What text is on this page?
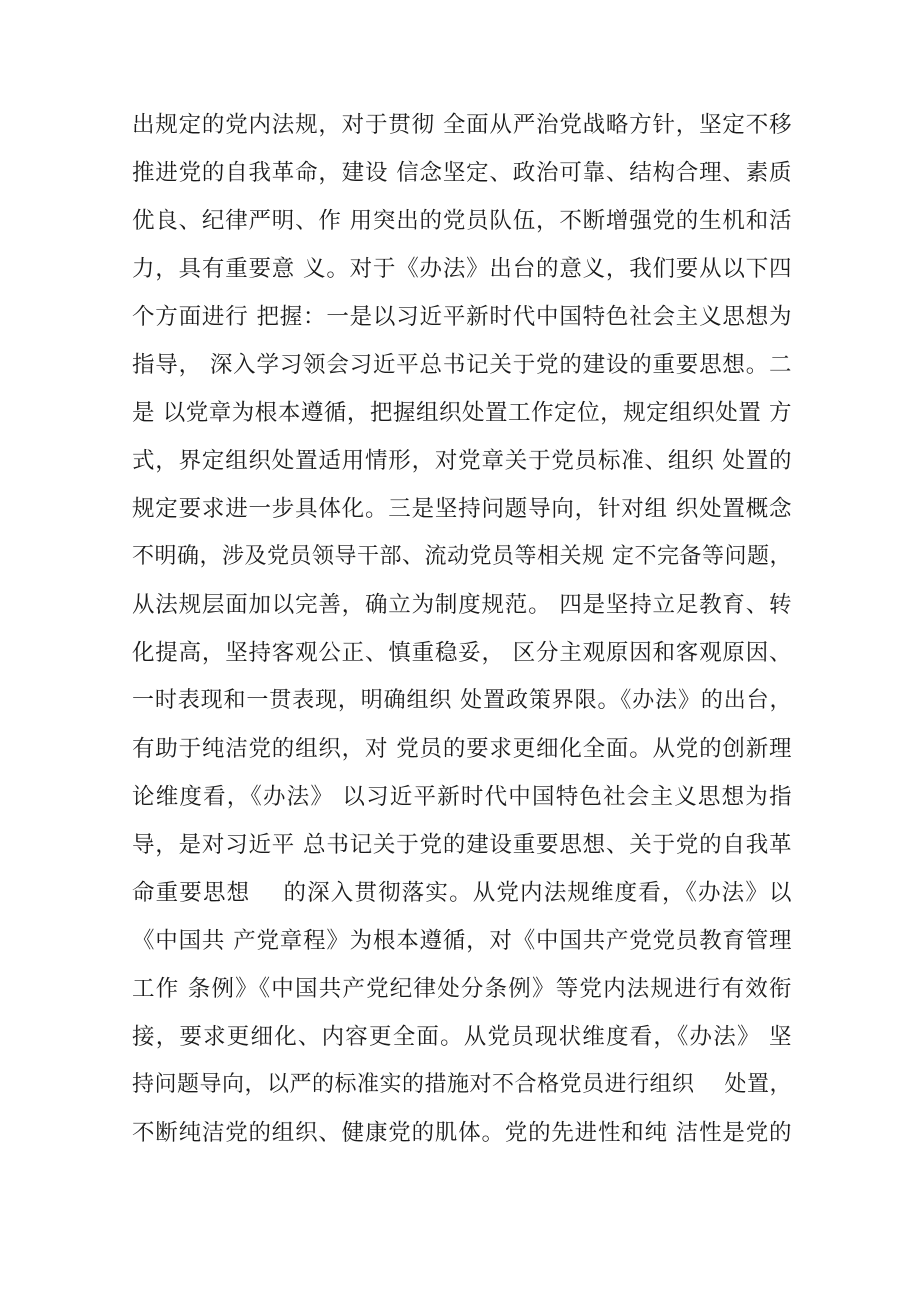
出规定的党内法规，对于贯彻 全面从严治党战略方针，坚定不移
推进党的自我革命，建设 信念坚定、政治可靠、结构合理、素质
优良、纪律严明、作 用突出的党员队伍，不断增强党的生机和活
力，具有重要意 义。对于《办法》出台的意义，我们要从以下四
个方面进行 把握：一是以习近平新时代中国特色社会主义思想为
指导， 深入学习领会习近平总书记关于党的建设的重要思想。二
是 以党章为根本遵循，把握组织处置工作定位，规定组织处置 方
式，界定组织处置适用情形，对党章关于党员标准、组织 处置的
规定要求进一步具体化。三是坚持问题导向，针对组 织处置概念
不明确，涉及党员领导干部、流动党员等相关规 定不完备等问题，
从法规层面加以完善，确立为制度规范。 四是坚持立足教育、转
化提高，坚持客观公正、慎重稳妥， 区分主观原因和客观原因、
一时表现和一贯表现，明确组织 处置政策界限。《办法》的出台，
有助于纯洁党的组织，对 党员的要求更细化全面。从党的创新理
论维度看，《办法》 以习近平新时代中国特色社会主义思想为指
导，是对习近平 总书记关于党的建设重要思想、关于党的自我革
命重要思想    的深入贯彻落实。从党内法规维度看，《办法》以
《中国共 产党章程》为根本遵循，对《中国共产党党员教育管理
工作 条例》《中国共产党纪律处分条例》等党内法规进行有效衔
接，要求更细化、内容更全面。从党员现状维度看，《办法》 坚
持问题导向，以严的标准实的措施对不合格党员进行组织    处置，
不断纯洁党的组织、健康党的肌体。党的先进性和纯 洁性是党的
